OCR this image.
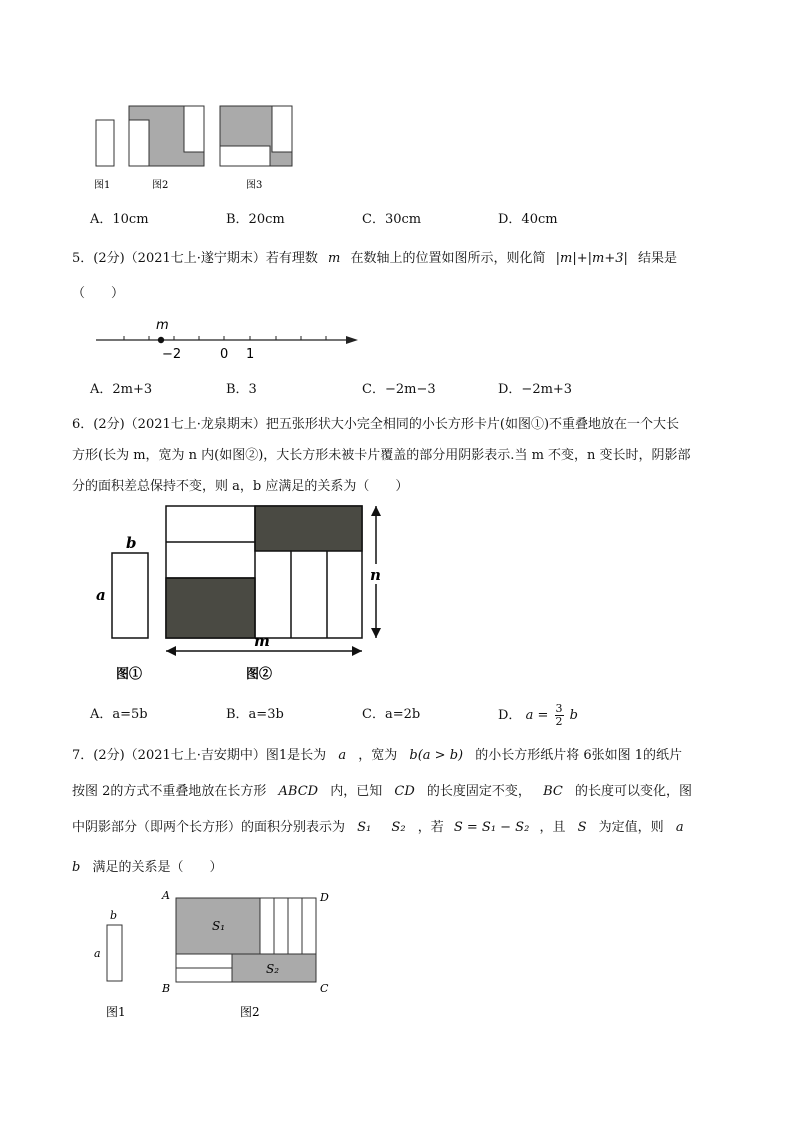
图1	图2	图3
A．10cm	B．20cm	C．30cm	D．40cm
5．(2分)（2021七上·遂宁期末）若有理数 m 在数轴上的位置如图所示，则化简 |m|+|m+3| 结果是
（　　）
m
−2	0 1
A．2m+3	B．3	C．−2m−3	D．−2m+3
6．(2分)（2021七上·龙泉期末）把五张形状大小完全相同的小长方形卡片(如图①)不重叠地放在一个大长
方形(长为 m，宽为 n 内(如图②)，大长方形未被卡片覆盖的部分用阴影表示.当 m 不变，n 变长时，阴影部
分的面积差总保持不变，则 a，b 应满足的关系为（　　）
b
a
图①
n
m
图②
A．a=5b	B．a=3b	C．a=2b	D． $a = \frac{3}{2}$ b
7．(2分)（2021七上·吉安期中）图1是长为 a ，宽为 b(a > b) 的小长方形纸片将 6张如图 1的纸片
按图 2的方式不重叠地放在长方形 ABCD 内，已知 CD 的长度固定不变， BC 的长度可以变化，图
中阴影部分（即两个长方形）的面积分别表示为 S₁ S₂ ，若 S = S₁ − S₂ ，且 S 为定值，则 a
b 满足的关系是（　　）
b
a
图1
A	D
B	C
S₁
S₂
图2
